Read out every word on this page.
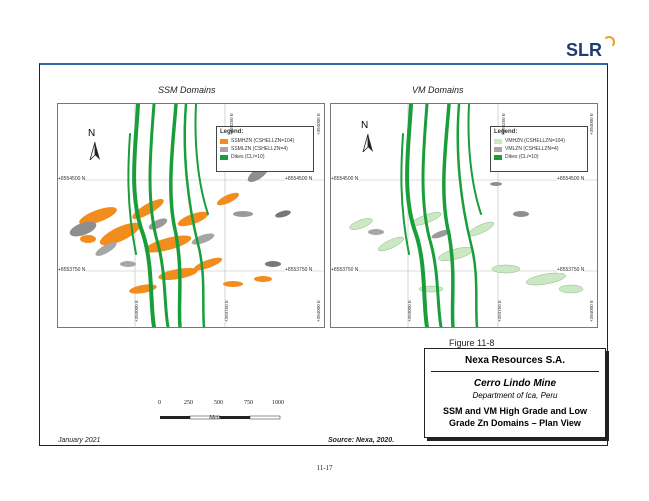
SLR
SSM Domains	VM Domains
N	Legend:
SSMHZN (CSHELLZN=104)
SSMLZN (CSHELLZN=4)
Dikes (CL/=10)
+8554500 N	+8554500 N
+8553750 N	+8553750 N
+393250 E	+394000 E
+393000 E	+393750 E	+394000 E
N
Legend:
VMHZN (CSHELLZN=104)
VMLZN (CSHELLZN=4)
Dikes (CL/=10)
+8554500 N	+8554500 N
+8553750 N	+8553750 N
+393250 E	+394000 E
+393000 E	+393750 E	+394000 E
0	250	500	750	1000
Metres
Figure 11-8
Nexa Resources S.A.
Cerro Lindo Mine
Department of Ica, Peru
SSM and VM High Grade and Low Grade Zn Domains – Plan View
January 2021	Source: Nexa, 2020.
11-17
